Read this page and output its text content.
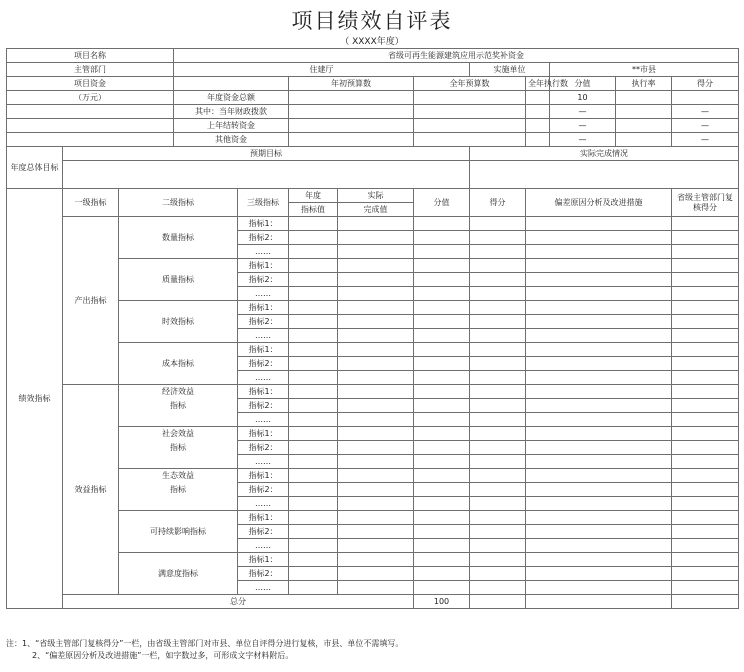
项目绩效自评表
（ XXXX年度）
项目名称			省级可再生能源建筑应用示范奖补资金									
主管部门			住建厅					实施单位		**市县		
项目资金					年初预算数		全年预算数		全年执行数	分值	执行率	得分
（万元）			年度资金总额							10		
			其中：当年财政拨款							—		—
			上年结转资金							—		—
			其他资金							—		—
年度总体目标	预期目标							实际完成情况				

绩效指标	一级指标	二级指标		三级指标	年度	实际	分值	得分	偏差原因分析及改进措施			省级主管部门复核得分
					指标值	完成值						
	产出指标	数量指标		指标1：								
				指标2：								
				……								
		质量指标		指标1：								
				指标2：								
				……								
		时效指标		指标1：								
				指标2：								
				……								
		成本指标		指标1：								
				指标2：								
				……								
	效益指标	经济效益		指标1：								
		指标		指标2：								
				……								
		社会效益		指标1：								
		指标		指标2：								
				……								
		生态效益		指标1：								
		指标		指标2：								
				……								
		可持续影响指标		指标1：								
				指标2：								
				……								
		满意度指标		指标1：								
				指标2：								
				……								
	总分						100					
注：1、“省级主管部门复核得分”一栏，由省级主管部门对市县、单位自评得分进行复核，市县、单位不需填写。
2、“偏差原因分析及改进措施”一栏，如字数过多，可形成文字材料附后。
